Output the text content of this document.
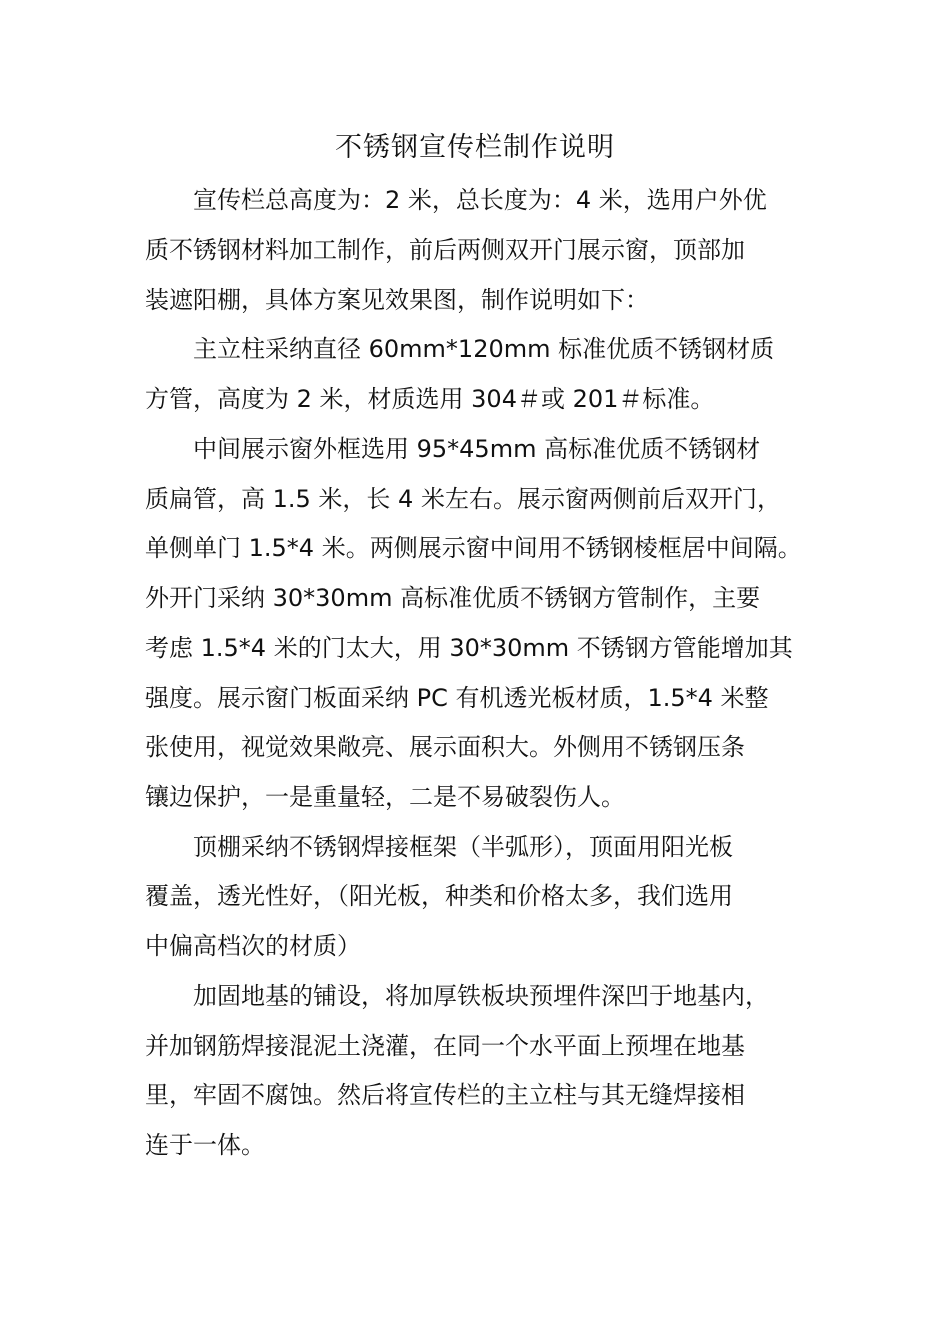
不锈钢宣传栏制作说明
宣传栏总高度为：2 米，总长度为：4 米，选用户外优
质不锈钢材料加工制作，前后两侧双开门展示窗，顶部加
装遮阳棚，具体方案见效果图，制作说明如下：
主立柱采纳直径 60mm*120mm 标准优质不锈钢材质
方管，高度为 2 米，材质选用 304＃或 201＃标准。
中间展示窗外框选用 95*45mm 高标准优质不锈钢材
质扁管，高 1.5 米，长 4 米左右。展示窗两侧前后双开门，
单侧单门 1.5*4 米。两侧展示窗中间用不锈钢棱框居中间隔。
外开门采纳 30*30mm 高标准优质不锈钢方管制作，主要
考虑 1.5*4 米的门太大，用 30*30mm 不锈钢方管能增加其
强度。展示窗门板面采纳 PC 有机透光板材质，1.5*4 米整
张使用，视觉效果敞亮、展示面积大。外侧用不锈钢压条
镶边保护，一是重量轻，二是不易破裂伤人。
顶棚采纳不锈钢焊接框架（半弧形），顶面用阳光板
覆盖，透光性好，（阳光板，种类和价格太多，我们选用
中偏高档次的材质）
加固地基的铺设，将加厚铁板块预埋件深凹于地基内，
并加钢筋焊接混泥土浇灌，在同一个水平面上预埋在地基
里，牢固不腐蚀。然后将宣传栏的主立柱与其无缝焊接相
连于一体。
